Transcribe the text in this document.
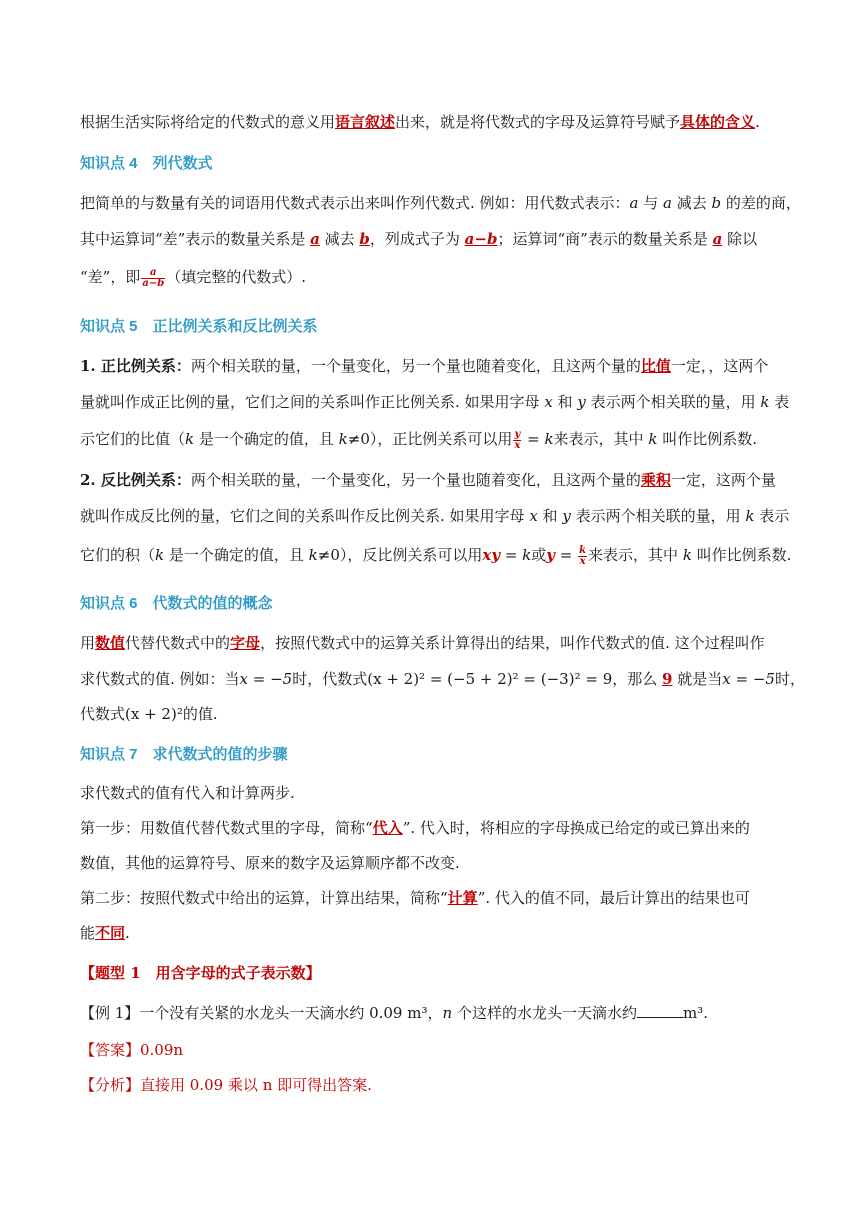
根据生活实际将给定的代数式的意义用语言叙述出来，就是将代数式的字母及运算符号赋予具体的含义.
知识点 4　列代数式
把简单的与数量有关的词语用代数式表示出来叫作列代数式. 例如：用代数式表示：a 与 a 减去 b 的差的商，
其中运算词“差”表示的数量关系是 a 减去 b，列成式子为 a−b；运算词“商”表示的数量关系是 a 除以
“差”，即 $\frac{a}{a-b}$ （填完整的代数式）.
知识点 5　正比例关系和反比例关系
1. 正比例关系：两个相关联的量，一个量变化，另一个量也随着变化，且这两个量的比值一定，，这两个
量就叫作成正比例的量，它们之间的关系叫作正比例关系. 如果用字母 x 和 y 表示两个相关联的量，用 k 表
示它们的比值（k 是一个确定的值，且 k≠0），正比例关系可以用 $\frac{y}{x} = k$来表示，其中 k 叫作比例系数.
2. 反比例关系：两个相关联的量，一个量变化，另一个量也随着变化，且这两个量的乘积一定，这两个量
就叫作成反比例的量，它们之间的关系叫作反比例关系. 如果用字母 x 和 y 表示两个相关联的量，用 k 表示
它们的积（k 是一个确定的值，且 k≠0），反比例关系可以用xy = k或$y = \frac{k}{x}$ 来表示，其中 k 叫作比例系数.
知识点 6　代数式的值的概念
用数值代替代数式中的字母，按照代数式中的运算关系计算得出的结果，叫作代数式的值. 这个过程叫作
求代数式的值. 例如：当x = −5时，代数式(x + 2)² = (−5 + 2)² = (−3)² = 9，那么 9 就是当x = −5时，
代数式(x + 2)²的值.
知识点 7　求代数式的值的步骤
求代数式的值有代入和计算两步.
第一步：用数值代替代数式里的字母，简称“代入”. 代入时，将相应的字母换成已给定的或已算出来的
数值，其他的运算符号、原来的数字及运算顺序都不改变.
第二步：按照代数式中给出的运算，计算出结果，简称“计算”. 代入的值不同，最后计算出的结果也可
能不同.
【题型 1　用含字母的式子表示数】
【例 1】一个没有关紧的水龙头一天滴水约 0.09 m³，n 个这样的水龙头一天滴水约	m³.
【答案】0.09n
【分析】直接用 0.09 乘以 n 即可得出答案.
